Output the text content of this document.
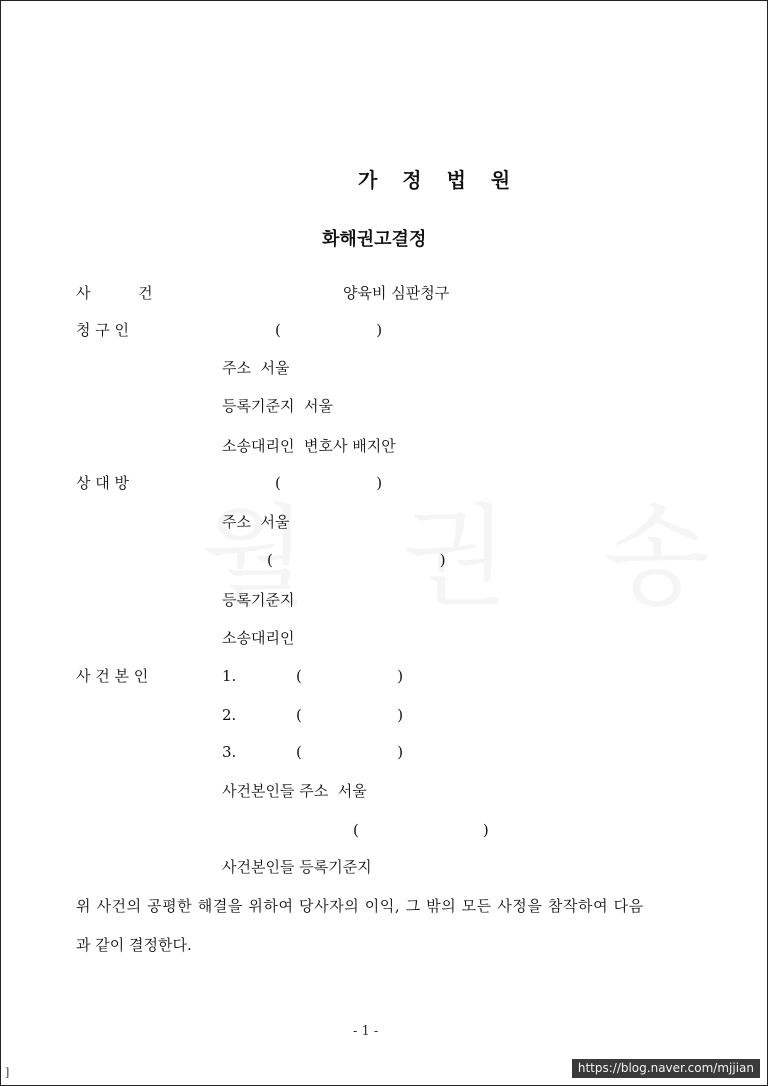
가 정 법 원
화해권고결정
사          건	양육비 심판청구
청 구 인	(                    )
주소  서울
등록기준지  서울
소송대리인  변호사 배지안
상 대 방	(                    )
주소  서울
(                                   )
등록기준지
소송대리인
사 건 본 인	1.	(                    )
2.	(                    )
3.	(                    )
사건본인들 주소  서울
(                          )
사건본인들 등록기준지
위 사건의 공평한 해결을 위하여 당사자의 이익, 그 밖의 모든 사정을 참작하여 다음
과 같이 결정한다.
- 1 -
]	https://blog.naver.com/mjjian
